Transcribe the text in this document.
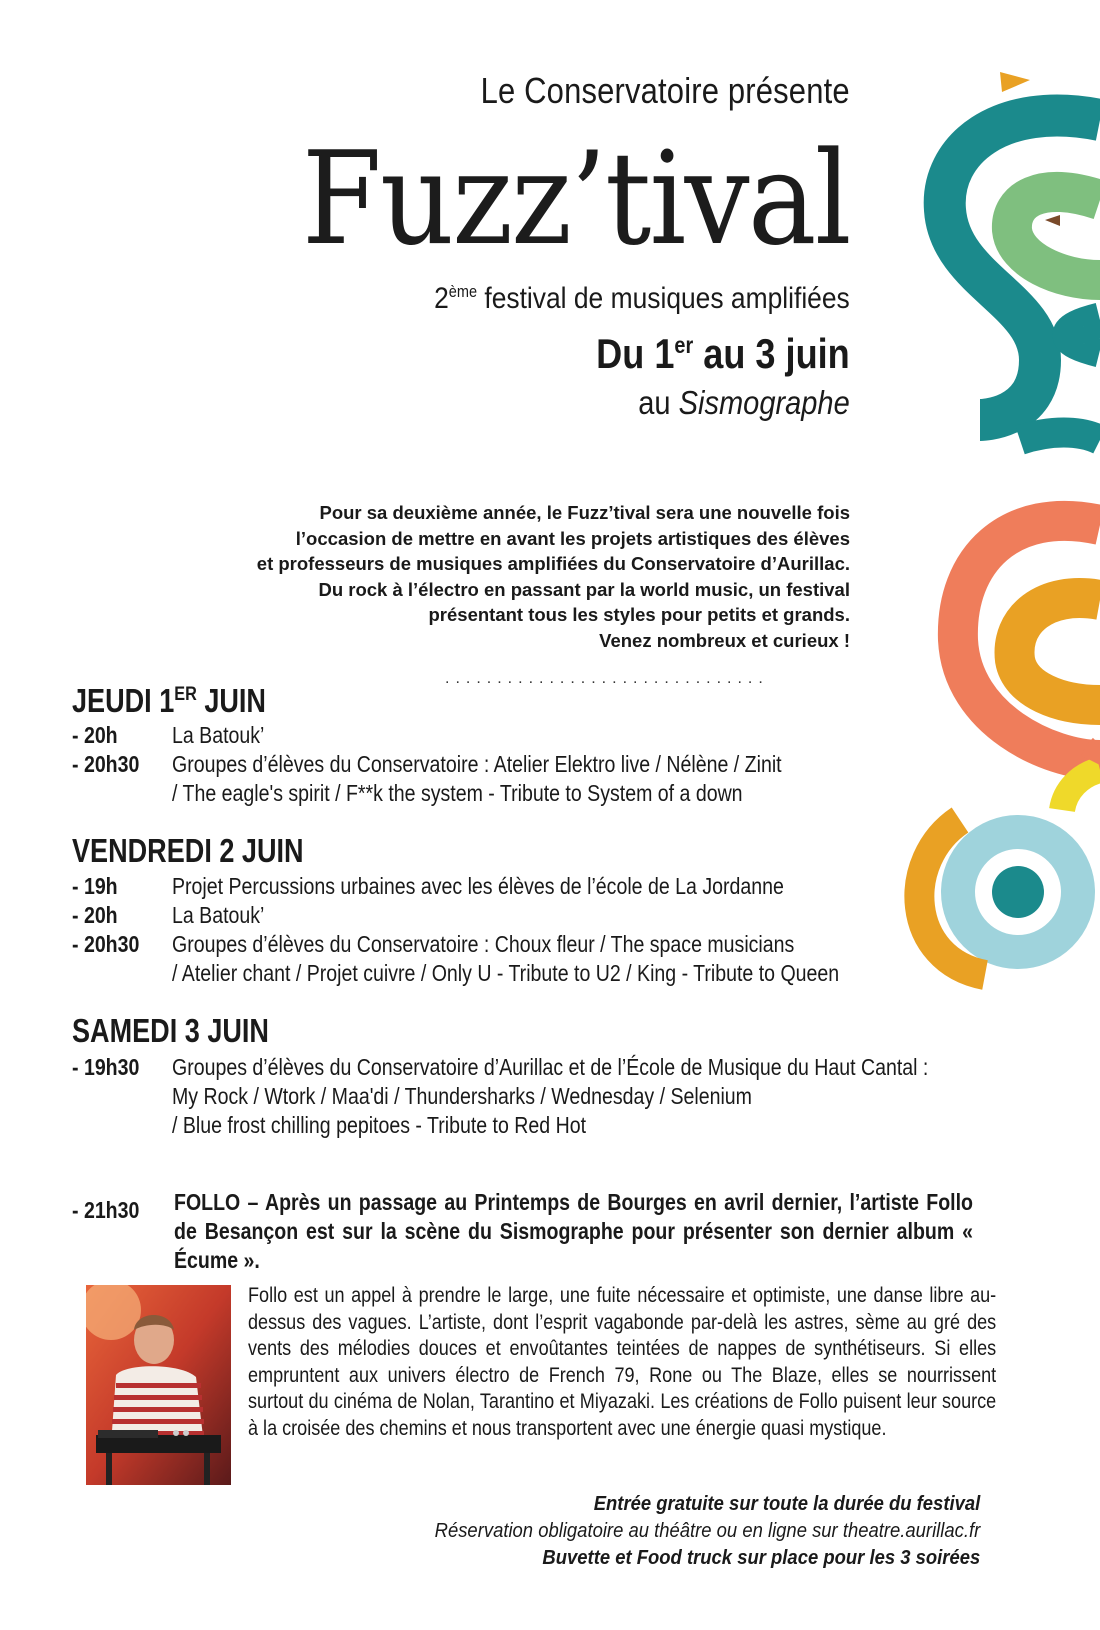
Le Conservatoire présente
Fuzz’tival
2ème festival de musiques amplifiées
Du 1er au 3 juin
au Sismographe
Pour sa deuxième année, le Fuzz’tival sera une nouvelle fois
l’occasion de mettre en avant les projets artistiques des élèves
et professeurs de musiques amplifiées du Conservatoire d’Aurillac.
Du rock à l’électro en passant par la world music, un festival
présentant tous les styles pour petits et grands.
Venez nombreux et curieux !
...............................
JEUDI 1ER JUIN
- 20h	La Batouk’
- 20h30	Groupes d’élèves du Conservatoire : Atelier Elektro live / Nélène / Zinit
/ The eagle's spirit / F**k the system - Tribute to System of a down
VENDREDI 2 JUIN
- 19h	Projet Percussions urbaines avec les élèves de l’école de La Jordanne
- 20h	La Batouk’
- 20h30	Groupes d’élèves du Conservatoire : Choux fleur / The space musicians
/ Atelier chant / Projet cuivre / Only U - Tribute to U2 / King - Tribute to Queen
SAMEDI 3 JUIN
- 19h30	Groupes d’élèves du Conservatoire d’Aurillac et de l’École de Musique du Haut Cantal :
My Rock / Wtork / Maa'di / Thundersharks / Wednesday / Selenium
/ Blue frost chilling pepitoes - Tribute to Red Hot
- 21h30 FOLLO – Après un passage au Printemps de Bourges en avril dernier, l’artiste Follo de Besançon est sur la scène du Sismographe pour présenter son dernier album « Écume ».
Follo est un appel à prendre le large, une fuite nécessaire et optimiste, une danse libre au-dessus des vagues. L’artiste, dont l’esprit vagabonde par-delà les astres, sème au gré des vents des mélodies douces et envoûtantes teintées de nappes de synthétiseurs. Si elles empruntent aux univers électro de French 79, Rone ou The Blaze, elles se nourrissent surtout du cinéma de Nolan, Tarantino et Miyazaki. Les créations de Follo puisent leur source à la croisée des chemins et nous transportent avec une énergie quasi mystique.
Entrée gratuite sur toute la durée du festival
Réservation obligatoire au théâtre ou en ligne sur theatre.aurillac.fr
Buvette et Food truck sur place pour les 3 soirées
